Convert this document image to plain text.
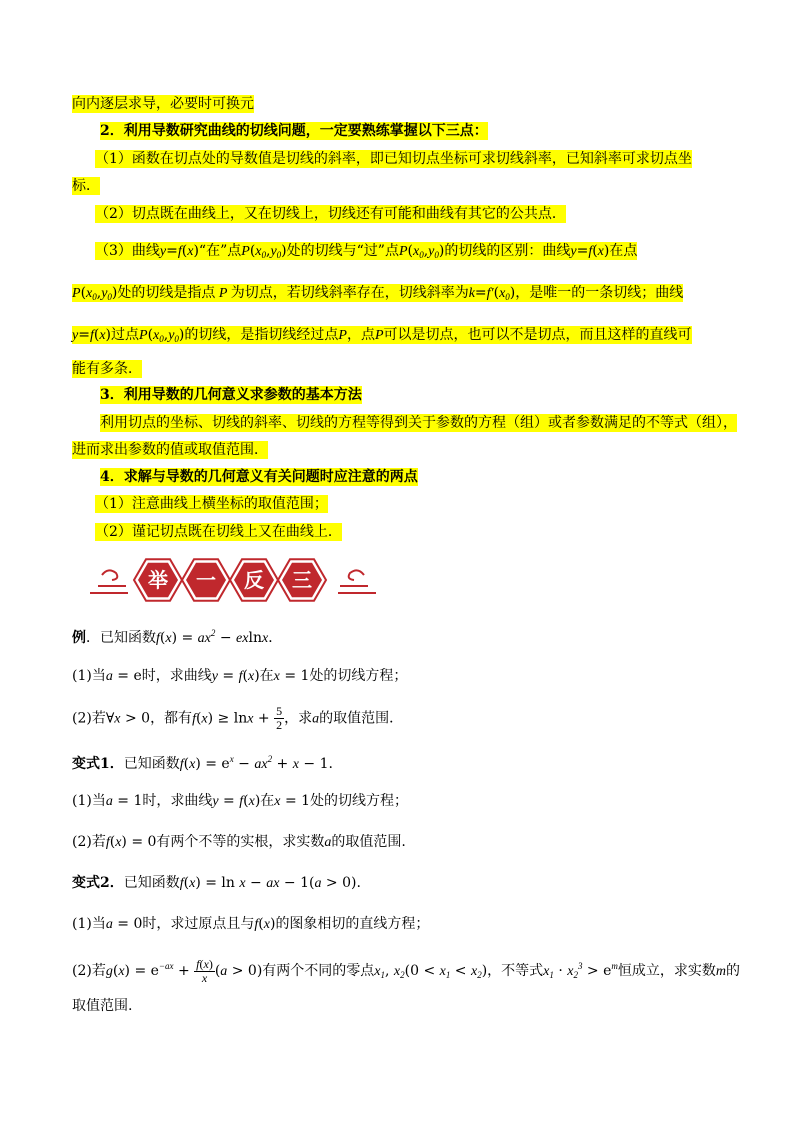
向内逐层求导，必要时可换元
2．利用导数研究曲线的切线问题，一定要熟练掌握以下三点：
（1）函数在切点处的导数值是切线的斜率，即已知切点坐标可求切线斜率，已知斜率可求切点坐
标．
（2）切点既在曲线上，又在切线上，切线还有可能和曲线有其它的公共点．
（3）曲线y=f(x)“在”点$P(x_0,y_0)$处的切线与“过”点$P(x_0,y_0)$的切线的区别：曲线y=f(x)在点
$P(x_0,y_0)$处的切线是指点 P 为切点，若切线斜率存在，切线斜率为$k=f'(x_0)$，是唯一的一条切线；曲线
y=f(x)过点$P(x_0,y_0)$的切线，是指切线经过点P，点P可以是切点，也可以不是切点，而且这样的直线可
能有多条．
3．利用导数的几何意义求参数的基本方法
利用切点的坐标、切线的斜率、切线的方程等得到关于参数的方程（组）或者参数满足的不等式（组），
进而求出参数的值或取值范围．
4．求解与导数的几何意义有关问题时应注意的两点
（1）注意曲线上横坐标的取值范围；
（2）谨记切点既在切线上又在曲线上．
举 一 反 三
例．已知函数$f(x) = ax^2 - exlnx$．
(1)当a = e时，求曲线y = f(x)在x = 1处的切线方程；
(2)若∀x > 0，都有$f(x) \ge \ln x + \frac{5}{2}$ ，求a的取值范围．
变式1．已知函数$f(x) = e^x - ax^2 + x - 1$.
(1)当a = 1时，求曲线y = f(x)在x = 1处的切线方程；
(2)若f(x) = 0有两个不等的实根，求实数a的取值范围.
变式2．已知函数f(x) = ln x − ax − 1(a > 0).
(1)当a = 0时，求过原点且与f(x)的图象相切的直线方程；
(2)若$g(x) = e^{-ax} + \frac{f(x)}{x} (a > 0)$有两个不同的零点$x_1$, $x_2(0 < x_1 < x_2)$，不等式$x_1 \cdot x_2^3 > e^m$恒成立，求实数m的
取值范围.
